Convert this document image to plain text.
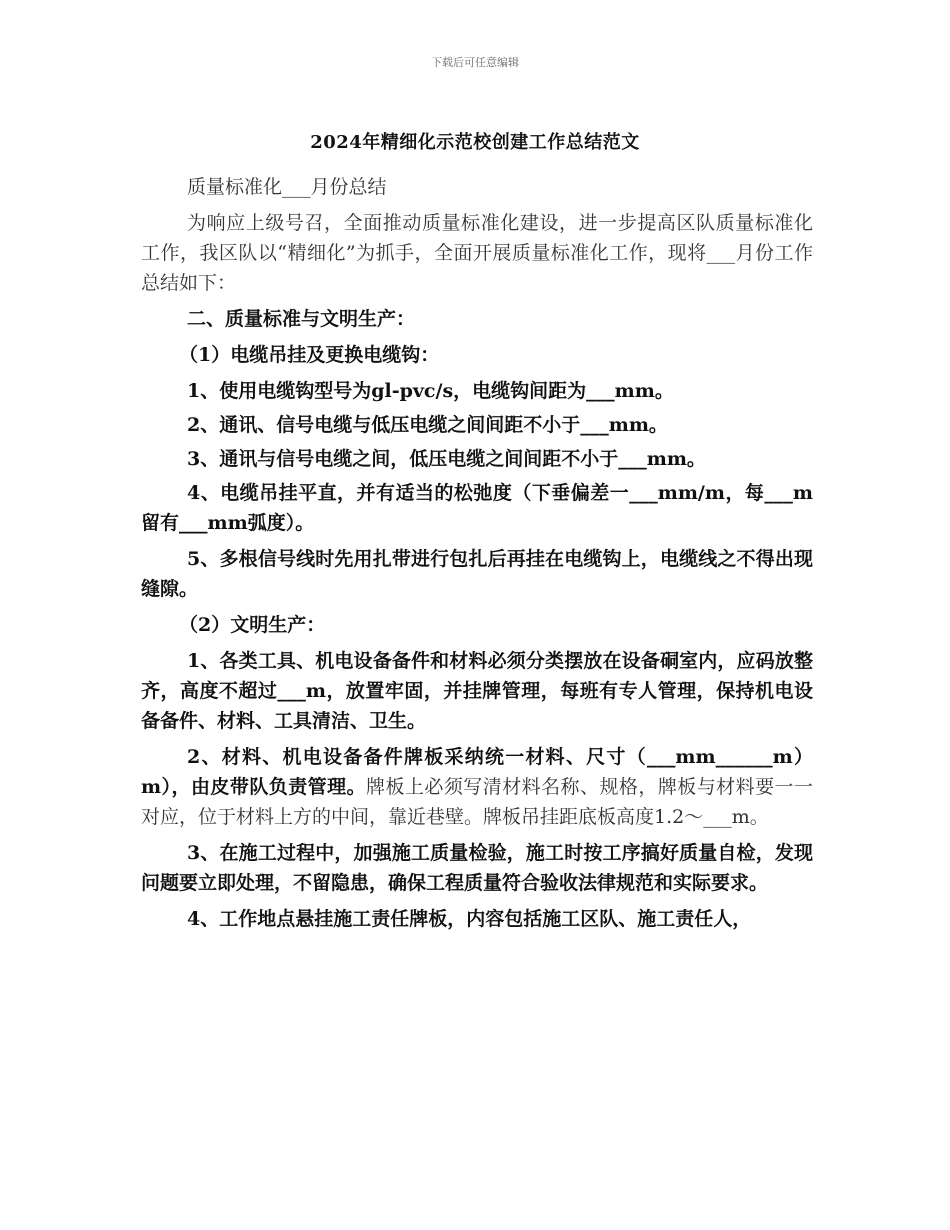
下载后可任意编辑
2024年精细化示范校创建工作总结范文

质量标准化___月份总结

为响应上级号召，全面推动质量标准化建设，进一步提高区队质量标准化工作，我区队以“精细化”为抓手，全面开展质量标准化工作，现将___月份工作总结如下：

二、质量标准与文明生产：

（1）电缆吊挂及更换电缆钩：

1、使用电缆钩型号为gl-pvc/s，电缆钩间距为___mm。

2、通讯、信号电缆与低压电缆之间间距不小于___mm。

3、通讯与信号电缆之间，低压电缆之间间距不小于___mm。

4、电缆吊挂平直，并有适当的松弛度（下垂偏差一___mm/m，每___m留有___mm弧度）。

5、多根信号线时先用扎带进行包扎后再挂在电缆钩上，电缆线之不得出现缝隙。

（2）文明生产：

1、各类工具、机电设备备件和材料必须分类摆放在设备硐室内，应码放整齐，高度不超过___m，放置牢固，并挂牌管理，每班有专人管理，保持机电设备备件、材料、工具清洁、卫生。

2、材料、机电设备备件牌板采纳统一材料、尺寸（___mm______m）m），由皮带队负责管理。牌板上必须写清材料名称、规格，牌板与材料要一一对应，位于材料上方的中间，靠近巷壁。牌板吊挂距底板高度1.2～___m。

3、在施工过程中，加强施工质量检验，施工时按工序搞好质量自检，发现问题要立即处理，不留隐患，确保工程质量符合验收法律规范和实际要求。

4、工作地点悬挂施工责任牌板，内容包括施工区队、施工责任人，
